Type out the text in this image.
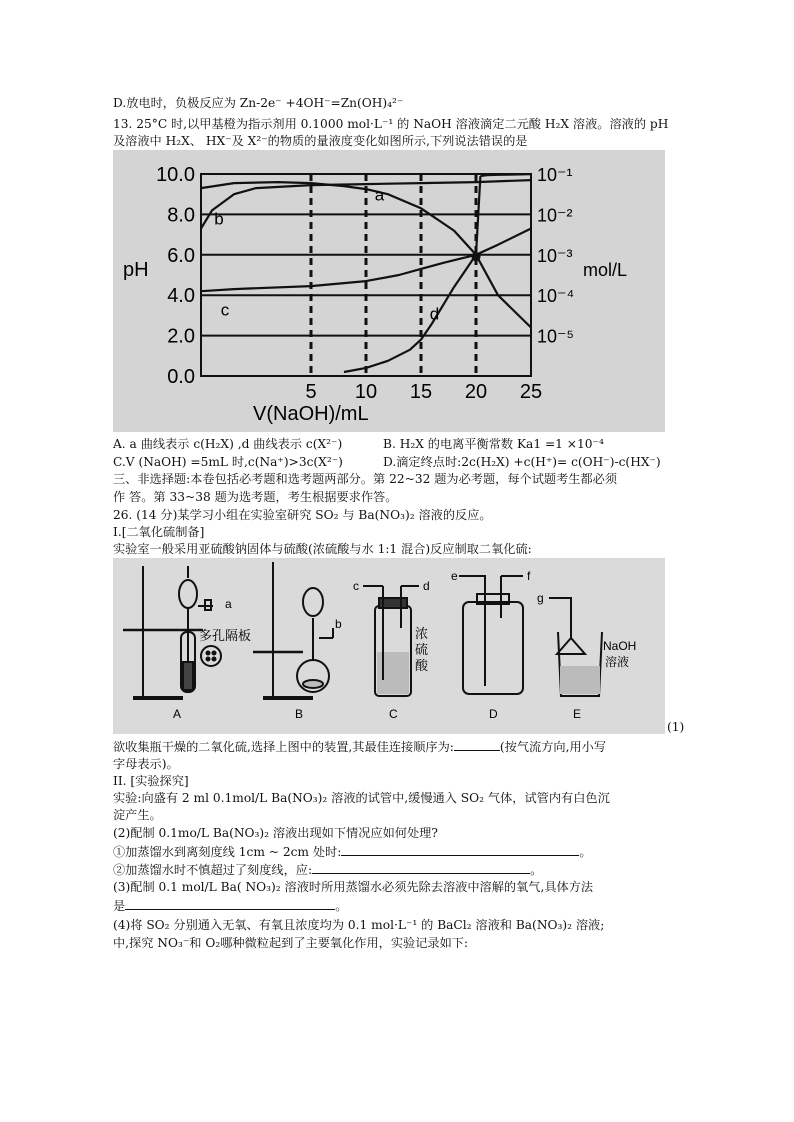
D.放电时，负极反应为 Zn-2e⁻ +4OH⁻=Zn(OH)₄²⁻
13. 25°C 时,以甲基橙为指示剂用 0.1000 mol·L⁻¹ 的 NaOH 溶液滴定二元酸 H₂X 溶液。溶液的 pH
及溶液中 H₂X、 HX⁻及 X²⁻的物质的量液度变化如图所示,下列说法错误的是
a
b
c	d
0.0
2.0
4.0
6.0
8.0
10.0	10⁻¹
10⁻²
10⁻³
10⁻⁴
10⁻⁵
5 10 15 20 25
pH	mol/L
V(NaOH)/mL
A. a 曲线表示 c(H₂X) ,d 曲线表示 c(X²⁻)	B. H₂X 的电离平衡常数 Ka1 =1 ×10⁻⁴
C.V (NaOH) =5mL 时,c(Na⁺)>3c(X²⁻)	D.滴定终点时:2c(H₂X) +c(H⁺)= c(OH⁻)-c(HX⁻)
三、非选择题:本卷包括必考题和选考题两部分。第 22~32 题为必考题，每个试题考生都必须
作 答。第 33~38 题为选考题，考生根据要求作答。
26. (14 分)某学习小组在实验室研究 SO₂ 与 Ba(NO₃)₂ 溶液的反应。
I.[二氧化硫制备]
实验室一般采用亚硫酸钠固体与硫酸(浓硫酸与水 1:1 混合)反应制取二氧化硫:
多孔隔板
a
A
b
B
c	d
浓
硫
酸
C
e	f
D
g
NaOH
溶液
E
(1)
欲收集瓶干燥的二氧化硫,选择上图中的装置,其最佳连接顺序为:	(按气流方向,用小写
字母表示)。
II. [实验探究]
实验:向盛有 2 ml 0.1mol/L Ba(NO₃)₂ 溶液的试管中,缓慢通入 SO₂ 气体，试管内有白色沉
淀产生。
(2)配制 0.1mo/L Ba(NO₃)₂ 溶液出现如下情况应如何处理?
①加蒸馏水到离刻度线 1cm ~ 2cm 处时:	。
②加蒸馏水时不慎超过了刻度线，应:	。
(3)配制 0.1 mol/L Ba( NO₃)₂ 溶液时所用蒸馏水必须先除去溶液中溶解的氧气,具体方法
是	。
(4)将 SO₂ 分别通入无氧、有氧且浓度均为 0.1 mol·L⁻¹ 的 BaCl₂ 溶液和 Ba(NO₃)₂ 溶液;
中,探究 NO₃⁻和 O₂哪种微粒起到了主要氧化作用，实验记录如下:
